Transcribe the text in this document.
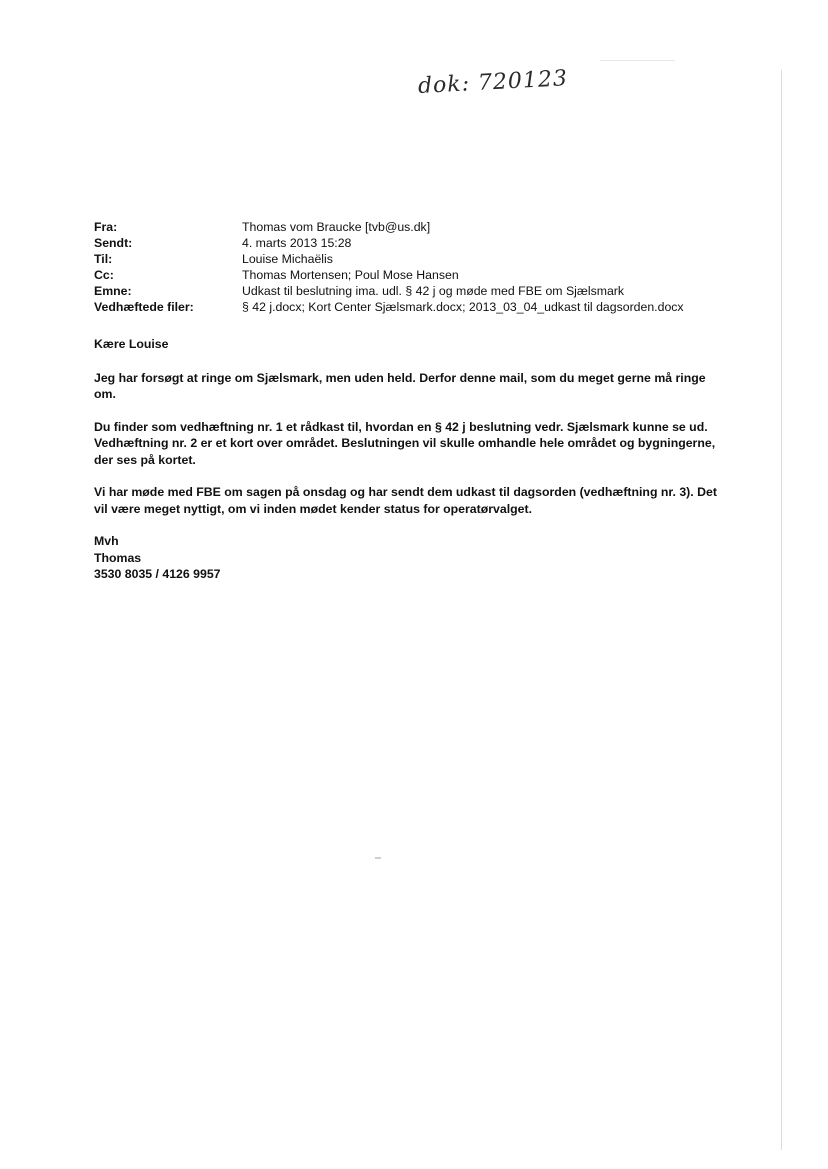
dok: 720123
Fra:	Thomas vom Braucke [tvb@us.dk]
Sendt:	4. marts 2013 15:28
Til:	Louise Michaëlis
Cc:	Thomas Mortensen; Poul Mose Hansen
Emne:	Udkast til beslutning ima. udl. § 42 j og møde med FBE om Sjælsmark
Vedhæftede filer:	§ 42 j.docx; Kort Center Sjælsmark.docx; 2013_03_04_udkast til dagsorden.docx

Kære Louise

Jeg har forsøgt at ringe om Sjælsmark, men uden held. Derfor denne mail, som du meget gerne må ringe om.

Du finder som vedhæftning nr. 1 et rådkast til, hvordan en § 42 j beslutning vedr. Sjælsmark kunne se ud. Vedhæftning nr. 2 er et kort over området. Beslutningen vil skulle omhandle hele området og bygningerne, der ses på kortet.

Vi har møde med FBE om sagen på onsdag og har sendt dem udkast til dagsorden (vedhæftning nr. 3). Det vil være meget nyttigt, om vi inden mødet kender status for operatørvalget.

Mvh

Thomas

3530 8035 / 4126 9957
